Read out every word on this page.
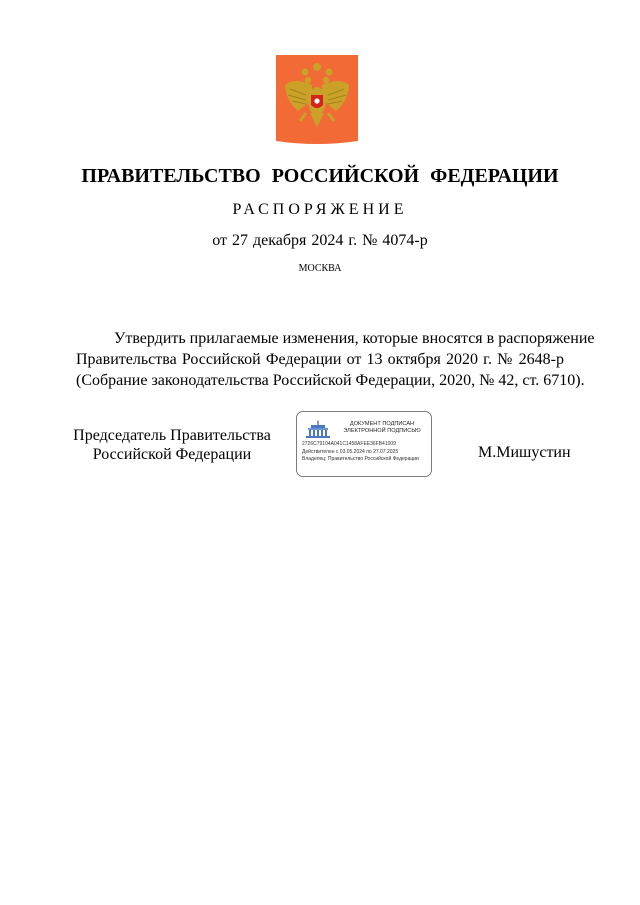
ПРАВИТЕЛЬСТВО РОССИЙСКОЙ ФЕДЕРАЦИИ
РАСПОРЯЖЕНИЕ
от 27 декабря 2024 г. № 4074-р
МОСКВА
Утвердить прилагаемые изменения, которые вносятся в распоряжение
Правительства Российской Федерации от 13 октября 2020 г. № 2648-р
(Собрание законодательства Российской Федерации, 2020, № 42, ст. 6710).
Председатель Правительства
Российской Федерации
ДОКУМЕНТ ПОДПИСАН
ЭЛЕКТРОННОЙ ПОДПИСЬЮ
2726C79104A041C1458AFEE36FB41009
Действителен с 03.05.2024 по 27.07.2025
Владелец: Правительство Российской Федерации	М.Мишустин
